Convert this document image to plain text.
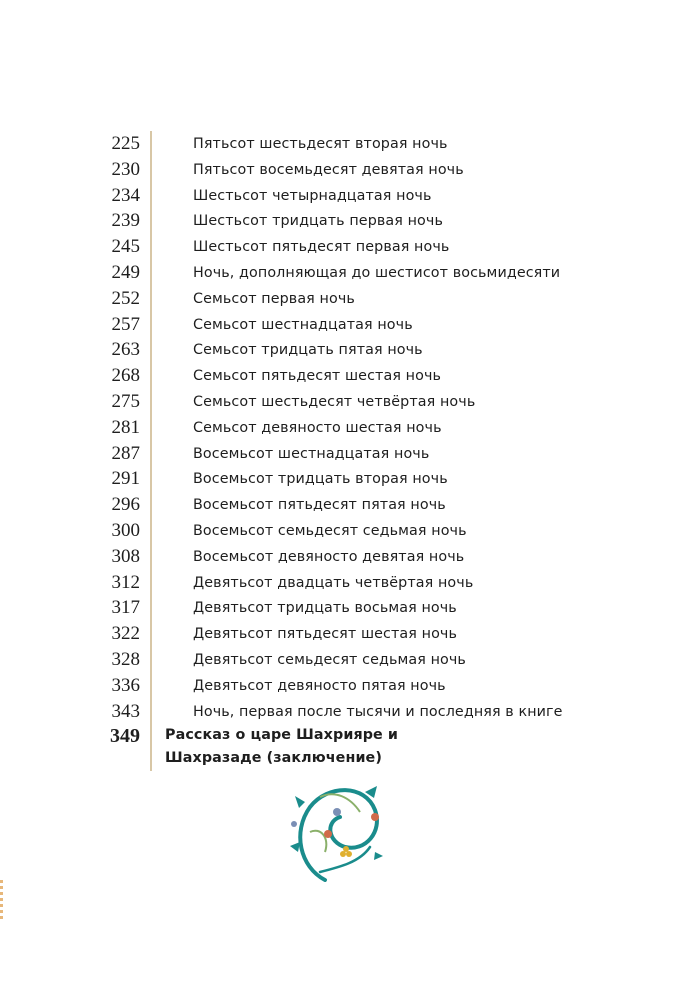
225	Пятьсот шестьдесят вторая ночь
230	Пятьсот восемьдесят девятая ночь
234	Шестьсот четырнадцатая ночь
239	Шестьсот тридцать первая ночь
245	Шестьсот пятьдесят первая ночь
249	Ночь, дополняющая до шестисот восьмидесяти
252	Семьсот первая ночь
257	Семьсот шестнадцатая ночь
263	Семьсот тридцать пятая ночь
268	Семьсот пятьдесят шестая ночь
275	Семьсот шестьдесят четвёртая ночь
281	Семьсот девяносто шестая ночь
287	Восемьсот шестнадцатая ночь
291	Восемьсот тридцать вторая ночь
296	Восемьсот пятьдесят пятая ночь
300	Восемьсот семьдесят седьмая ночь
308	Восемьсот девяносто девятая ночь
312	Девятьсот двадцать четвёртая ночь
317	Девятьсот тридцать восьмая ночь
322	Девятьсот пятьдесят шестая ночь
328	Девятьсот семьдесят седьмая ночь
336	Девятьсот девяносто пятая ночь
343	Ночь, первая после тысячи и последняя в книге
349 Рассказ о царе Шахрияре и Шахразаде (заключение)
